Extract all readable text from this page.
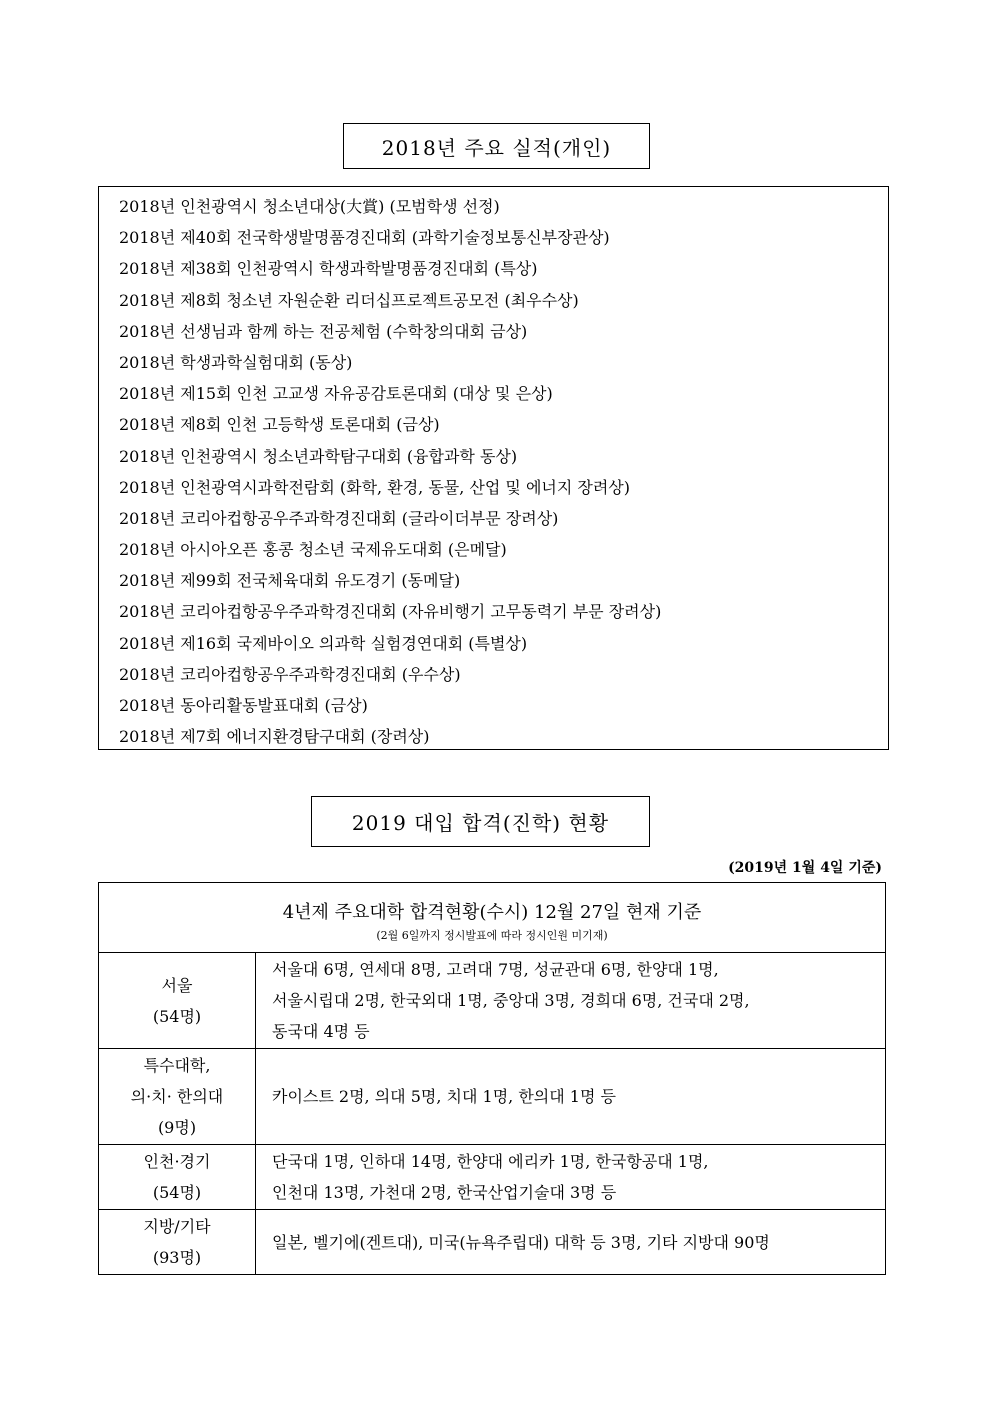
2018년 주요 실적(개인)
2018년 인천광역시 청소년대상(大賞) (모범학생 선정)
2018년 제40회 전국학생발명품경진대회 (과학기술정보통신부장관상)
2018년 제38회 인천광역시 학생과학발명품경진대회 (특상)
2018년 제8회 청소년 자원순환 리더십프로젝트공모전 (최우수상)
2018년 선생님과 함께 하는 전공체험 (수학창의대회 금상)
2018년 학생과학실험대회 (동상)
2018년 제15회 인천 고교생 자유공감토론대회 (대상 및 은상)
2018년 제8회 인천 고등학생 토론대회 (금상)
2018년 인천광역시 청소년과학탐구대회 (융합과학 동상)
2018년 인천광역시과학전람회 (화학, 환경, 동물, 산업 및 에너지 장려상)
2018년 코리아컵항공우주과학경진대회 (글라이더부문 장려상)
2018년 아시아오픈 홍콩 청소년 국제유도대회 (은메달)
2018년 제99회 전국체육대회 유도경기 (동메달)
2018년 코리아컵항공우주과학경진대회 (자유비행기 고무동력기 부문 장려상)
2018년 제16회 국제바이오 의과학 실험경연대회 (특별상)
2018년 코리아컵항공우주과학경진대회 (우수상)
2018년 동아리활동발표대회 (금상)
2018년 제7회 에너지환경탐구대회 (장려상)
2019 대입 합격(진학) 현황
(2019년 1월 4일 기준)
4년제 주요대학 합격현황(수시) 12월 27일 현재 기준
(2월 6일까지 정시발표에 따라 정시인원 미기재)	

서울
(54명)	서울대 6명, 연세대 8명, 고려대 7명, 성균관대 6명, 한양대 1명,
서울시립대 2명, 한국외대 1명, 중앙대 3명, 경희대 6명, 건국대 2명,
동국대 4명 등

특수대학,
의·치· 한의대
(9명)	카이스트 2명, 의대 5명, 치대 1명, 한의대 1명 등

인천·경기
(54명)	단국대 1명, 인하대 14명, 한양대 에리카 1명, 한국항공대 1명,
인천대 13명, 가천대 2명, 한국산업기술대 3명 등

지방/기타
(93명)	일본, 벨기에(겐트대), 미국(뉴욕주립대) 대학 등 3명, 기타 지방대 90명
